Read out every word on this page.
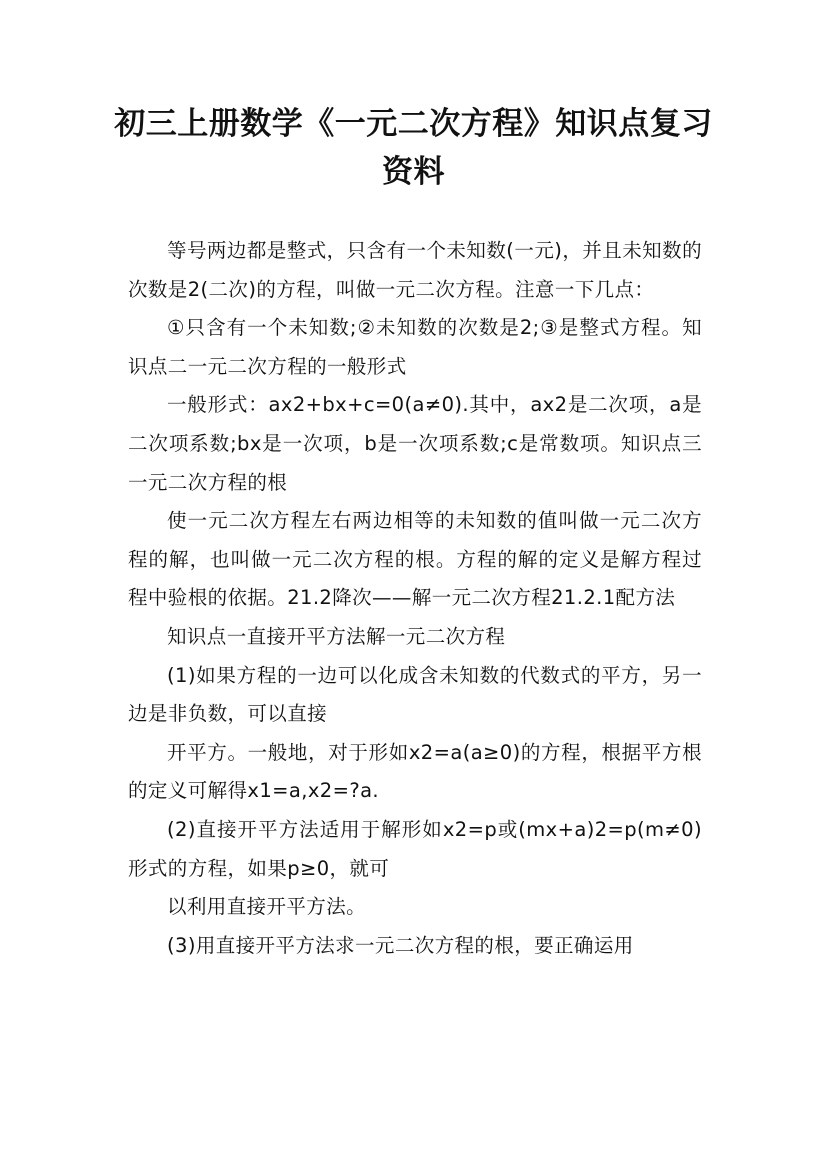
初三上册数学《一元二次方程》知识点复习资料

等号两边都是整式，只含有一个未知数(一元)，并且未知数的次数是2(二次)的方程，叫做一元二次方程。注意一下几点：

①只含有一个未知数;②未知数的次数是2;③是整式方程。知识点二一元二次方程的一般形式

一般形式：ax2+bx+c=0(a≠0).其中，ax2是二次项，a是二次项系数;bx是一次项，b是一次项系数;c是常数项。知识点三一元二次方程的根

使一元二次方程左右两边相等的未知数的值叫做一元二次方程的解，也叫做一元二次方程的根。方程的解的定义是解方程过程中验根的依据。21.2降次——解一元二次方程21.2.1配方法

知识点一直接开平方法解一元二次方程

(1)如果方程的一边可以化成含未知数的代数式的平方，另一边是非负数，可以直接

开平方。一般地，对于形如x2=a(a≥0)的方程，根据平方根的定义可解得x1=a,x2=?a.

(2)直接开平方法适用于解形如x2=p或(mx+a)2=p(m≠0)形式的方程，如果p≥0，就可

以利用直接开平方法。

(3)用直接开平方法求一元二次方程的根，要正确运用
